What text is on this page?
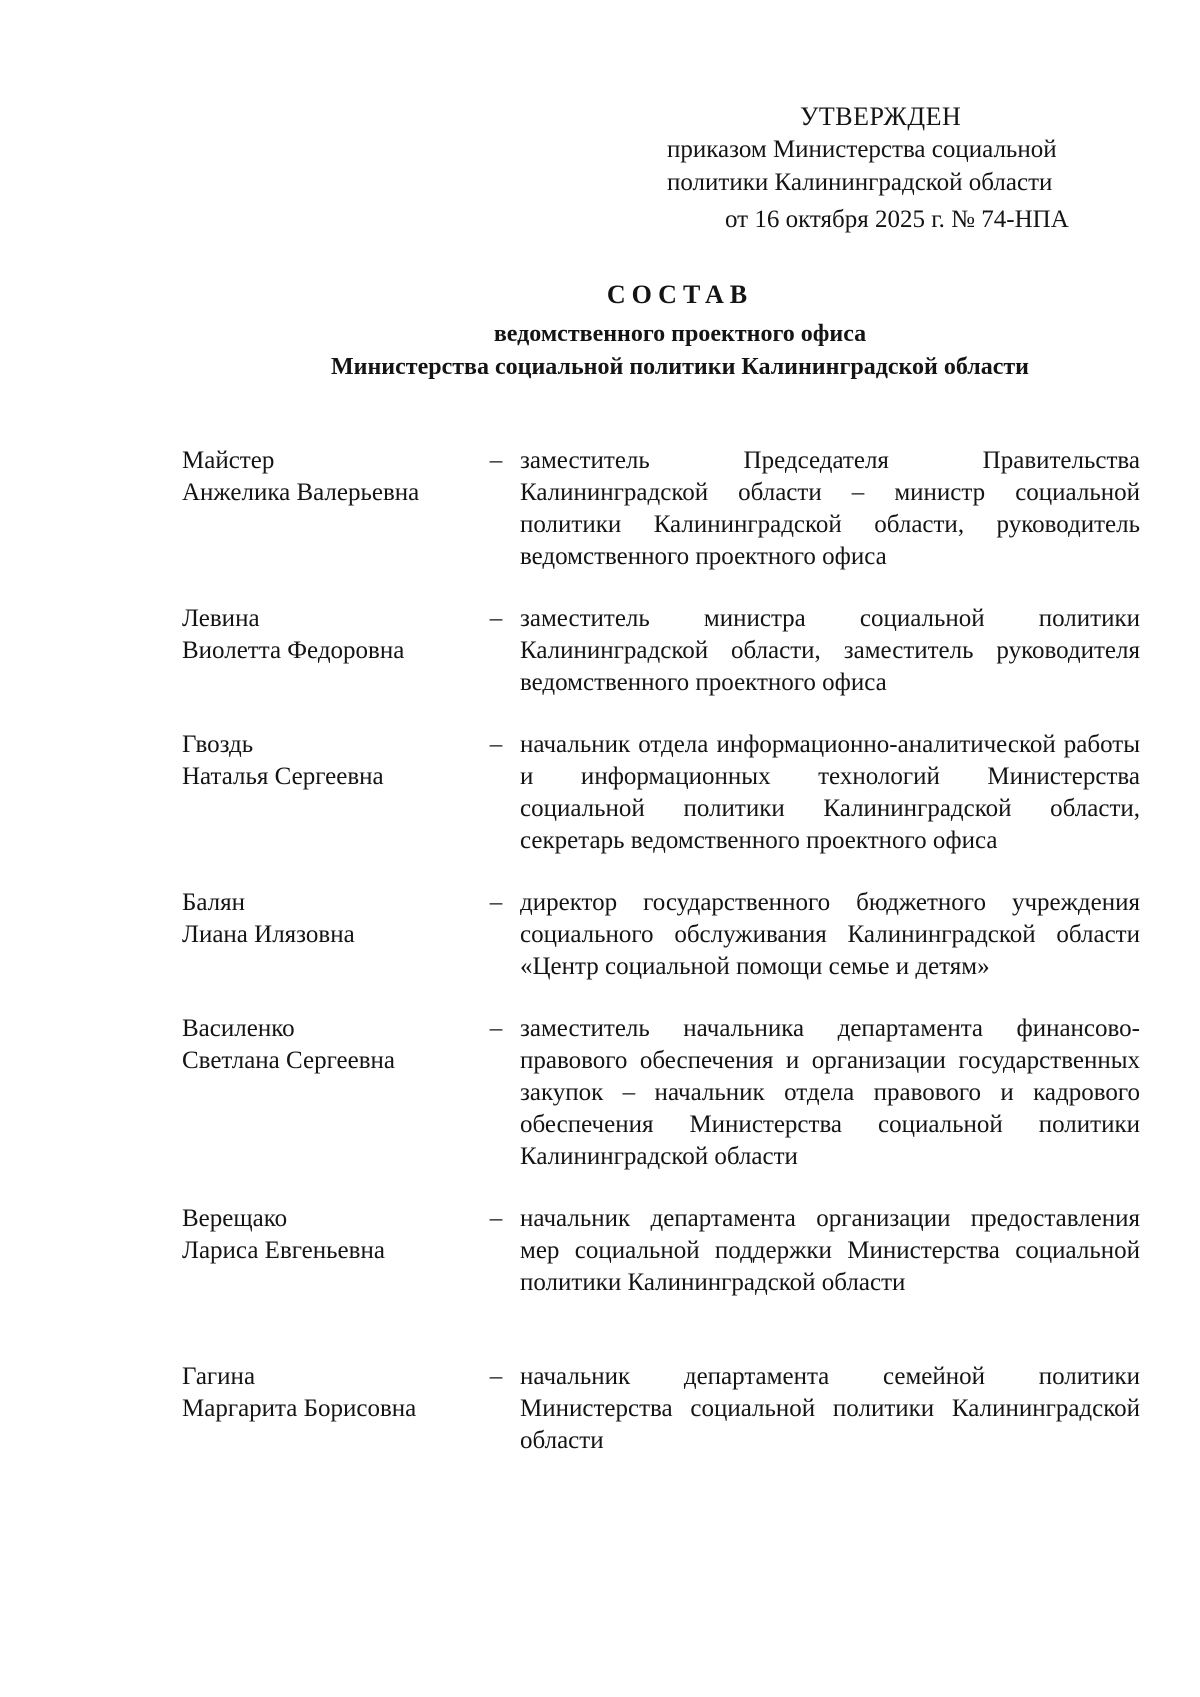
УТВЕРЖДЕН
приказом Министерства социальной
политики Калининградской области
от 16 октября 2025 г. № 74-НПА
СОСТАВ
ведомственного проектного офиса
Министерства социальной политики Калининградской области
Майстер
Анжелика Валерьевна
– заместитель Председателя Правительства Калининградской области – министр социальной политики Калининградской области, руководитель ведомственного проектного офиса
Левина
Виолетта Федоровна
– заместитель министра социальной политики Калининградской области, заместитель руководителя ведомственного проектного офиса
Гвоздь
Наталья Сергеевна
– начальник отдела информационно-аналитической работы и информационных технологий Министерства социальной политики Калининградской области, секретарь ведомственного проектного офиса
Балян
Лиана Илязовна
– директор государственного бюджетного учреждения социального обслуживания Калининградской области «Центр социальной помощи семье и детям»
Василенко
Светлана Сергеевна
– заместитель начальника департамента финансово-правового обеспечения и организации государственных закупок – начальник отдела правового и кадрового обеспечения Министерства социальной политики Калининградской области
Верещако
Лариса Евгеньевна
– начальник департамента организации предоставления мер социальной поддержки Министерства социальной политики Калининградской области
Гагина
Маргарита Борисовна
– начальник департамента семейной политики Министерства социальной политики Калининградской области
